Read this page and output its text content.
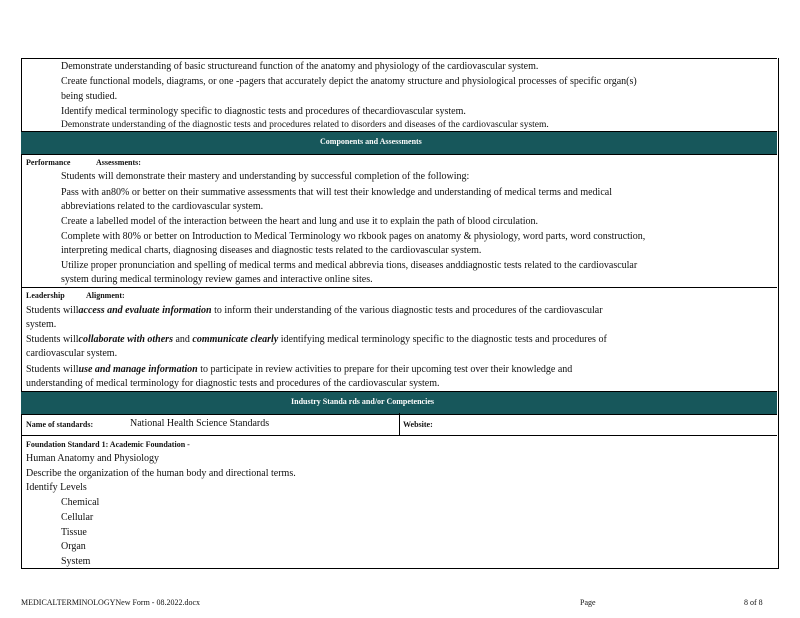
Demonstrate understanding of basic structureand function of the anatomy and physiology of the cardiovascular system.
Create functional models, diagrams, or one -pagers that accurately depict the anatomy structure and physiological processes of specific organ(s)
being studied.
Identify medical terminology specific to diagnostic tests and procedures of thecardiovascular system.
Demonstrate understanding of the diagnostic tests and procedures related to disorders and diseases of the cardiovascular system.
Components and Assessments
Performance	Assessments:
Students will demonstrate their mastery and understanding by successful completion of the following:
Pass with an80% or better on their summative assessments that will test their knowledge and understanding of medical terms and medical
abbreviations related to the cardiovascular system.
Create a labelled model of the interaction between the heart and lung and use it to explain the path of blood circulation.
Complete with 80% or better on Introduction to Medical Terminology wo rkbook pages on anatomy & physiology, word parts, word construction,
interpreting medical charts, diagnosing diseases and diagnostic tests related to the cardiovascular system.
Utilize proper pronunciation and spelling of medical terms and medical abbrevia tions, diseases anddiagnostic tests related to the cardiovascular
system during medical terminology review games and interactive online sites.
Leadership	Alignment:
Students willaccess and evaluate information to inform their understanding of the various diagnostic tests and procedures of the cardiovascular
system.
Students willcollaborate with others and communicate clearly identifying medical terminology specific to the diagnostic tests and procedures of
cardiovascular system.
Students willuse and manage information to participate in review activities to prepare for their upcoming test over their knowledge and
understanding of medical terminology for diagnostic tests and procedures of the cardiovascular system.
Industry Standa rds and/or Competencies
Name of standards:	National Health Science Standards	Website:
Foundation Standard 1: Academic Foundation -
Human Anatomy and Physiology
Describe the organization of the human body and directional terms.
Identify Levels
Chemical
Cellular
Tissue
Organ
System
MEDICALTERMINOLOGYNew Form - 08.2022.docx	Page	8 of 8
